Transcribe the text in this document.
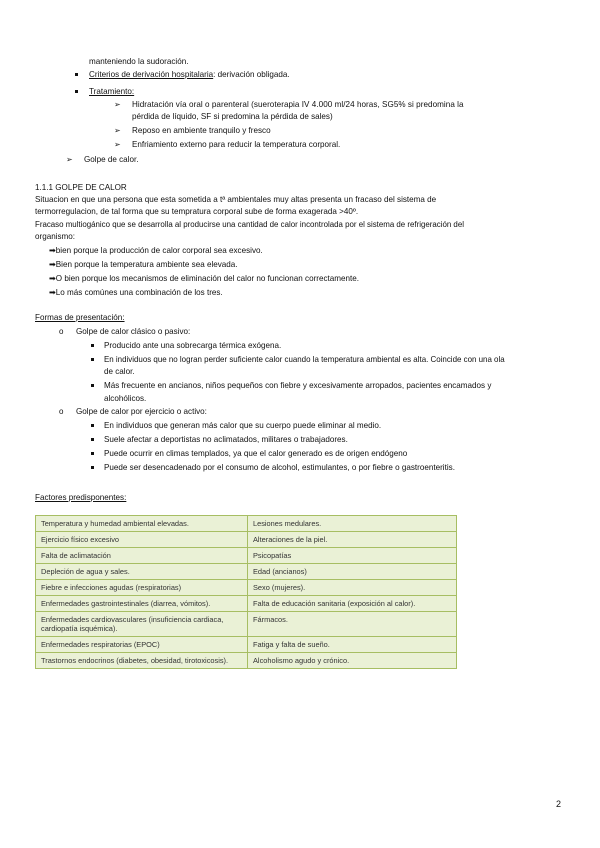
manteniendo la sudoración.
Criterios de derivación hospitalaria: derivación obligada.
Tratamiento:
➢ Hidratación vía oral o parenteral (sueroterapia IV 4.000 ml/24 horas, SG5% si predomina la
pérdida de líquido, SF si predomina la pérdida de sales)
➢ Reposo en ambiente tranquilo y fresco
➢ Enfriamiento externo para reducir la temperatura corporal.
➢ Golpe de calor.
1.1.1 GOLPE DE CALOR
Situacion en que una persona que esta sometida a tª ambientales muy altas presenta un fracaso del sistema de
termorregulacion, de tal forma que su tempratura corporal sube de forma exagerada >40º.
Fracaso multiogánico que se desarrolla al producirse una cantidad de calor incontrolada por el sistema de refrigeración del
organismo:
➡bien porque la producción de calor corporal sea excesivo.
➡Bien porque la temperatura ambiente sea elevada.
➡O bien porque los mecanismos de eliminación del calor no funcionan correctamente.
➡Lo más comúnes una combinación de los tres.
Formas de presentación:
o Golpe de calor clásico o pasivo:
Producido ante una sobrecarga térmica exógena.
En individuos que no logran perder suficiente calor cuando la temperatura ambiental es alta. Coincide con una ola
de calor.
Más frecuente en ancianos, niños pequeños con fiebre y excesivamente arropados, pacientes encamados y
alcohólicos.
o Golpe de calor por ejercicio o activo:
En individuos que generan más calor que su cuerpo puede eliminar al medio.
Suele afectar a deportistas no aclimatados, militares o trabajadores.
Puede ocurrir en climas templados, ya que el calor generado es de origen endógeno
Puede ser desencadenado por el consumo de alcohol, estimulantes, o por fiebre o gastroenteritis.
Factores predisponentes:
Temperatura y humedad ambiental elevadas.	Lesiones medulares.
Ejercicio físico excesivo	Alteraciones de la piel.
Falta de aclimatación	Psicopatías
Depleción de agua y sales.	Edad (ancianos)
Fiebre e infecciones agudas (respiratorias)	Sexo (mujeres).
Enfermedades gastrointestinales (diarrea, vómitos).	Falta de educación sanitaria (exposición al calor).
Enfermedades cardiovasculares (insuficiencia cardiaca, cardiopatía isquémica).	Fármacos.
Enfermedades respiratorias (EPOC)	Fatiga y falta de sueño.
Trastornos endocrinos (diabetes, obesidad, tirotoxicosis).	Alcoholismo agudo y crónico.
2
